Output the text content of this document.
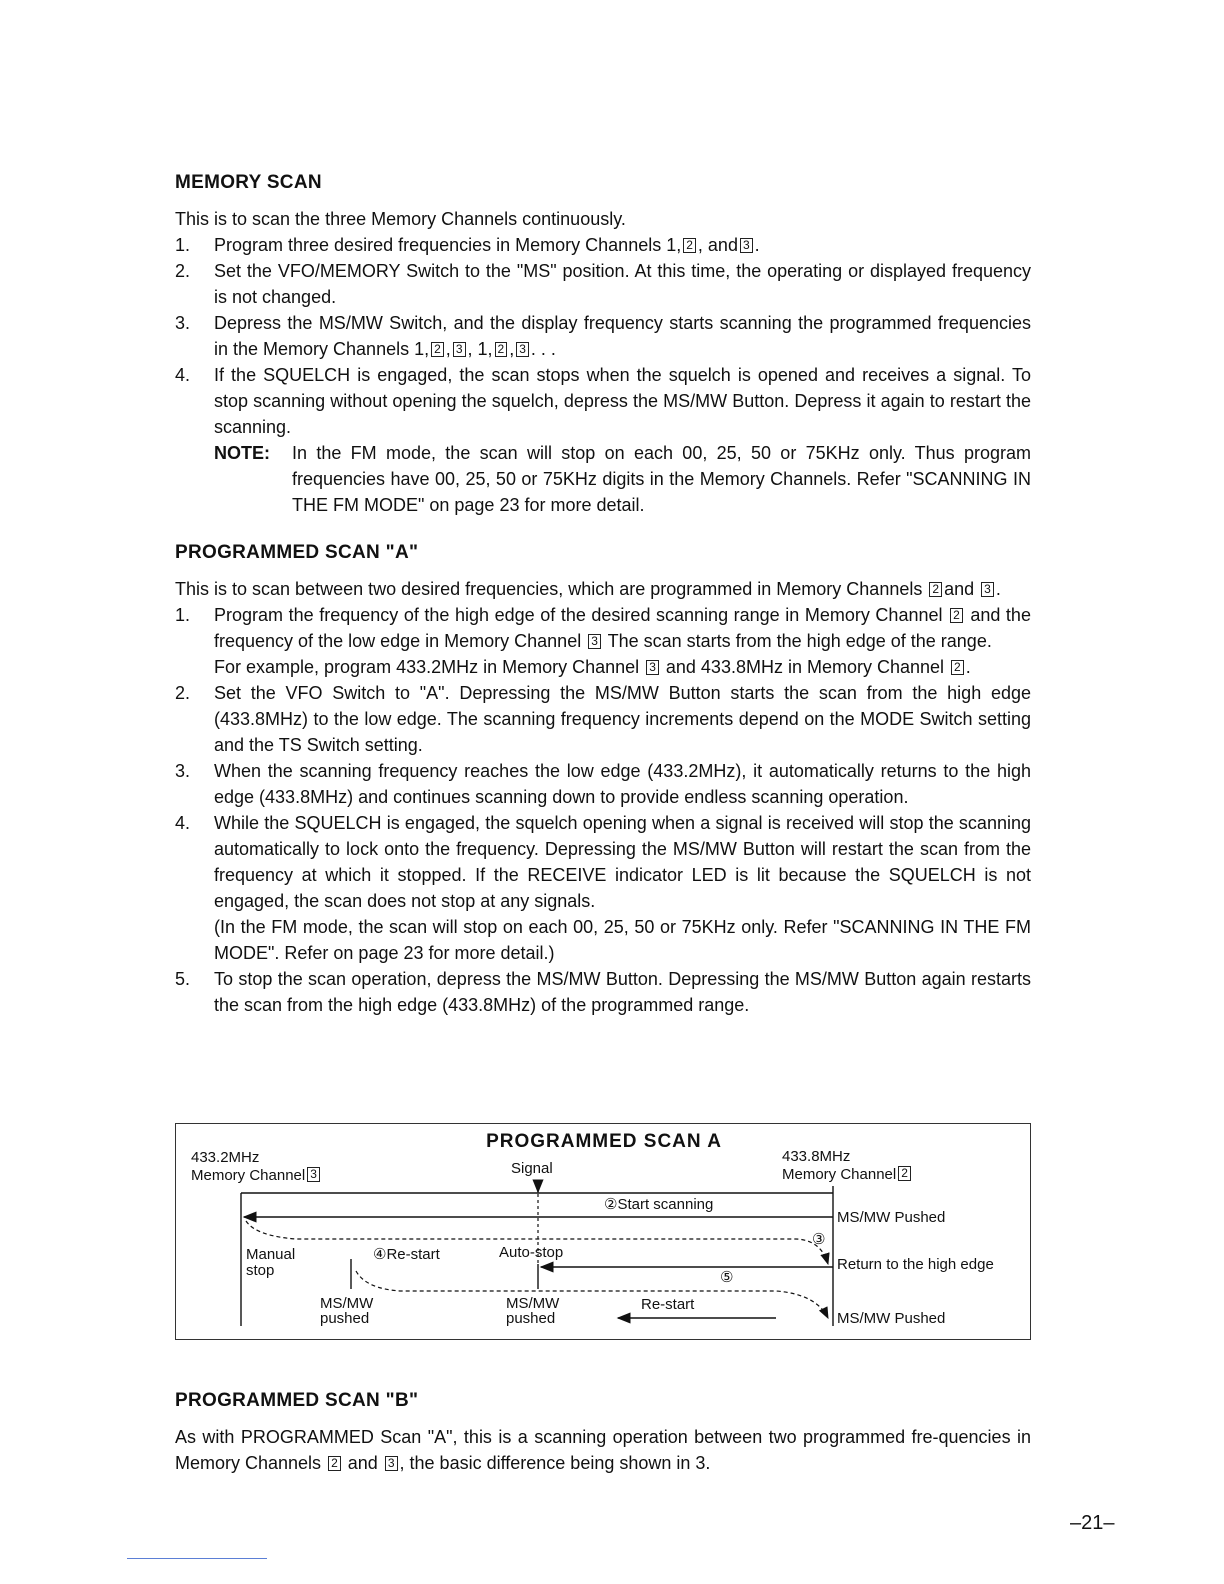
MEMORY SCAN

This is to scan the three Memory Channels continuously.

1. Program three desired frequencies in Memory Channels 1, 2 , and 3 .
2. Set the VFO/MEMORY Switch to the "MS" position. At this time, the operating or displayed frequency is not changed.
3. Depress the MS/MW Switch, and the display frequency starts scanning the programmed frequencies in the Memory Channels 1, 2 , 3 , 1, 2 , 3 . . .
4. If the SQUELCH is engaged, the scan stops when the squelch is opened and receives a signal. To stop scanning without opening the squelch, depress the MS/MW Button. Depress it again to restart the scanning.
NOTE: In the FM mode, the scan will stop on each 00, 25, 50 or 75KHz only. Thus program frequencies have 00, 25, 50 or 75KHz digits in the Memory Channels. Refer "SCANNING IN THE FM MODE" on page 23 for more detail.
PROGRAMMED SCAN "A"

This is to scan between two desired frequencies, which are programmed in Memory Channels 2 and 3 .

1. Program the frequency of the high edge of the desired scanning range in Memory Channel 2 and the frequency of the low edge in Memory Channel 3 The scan starts from the high edge of the range.
For example, program 433.2MHz in Memory Channel 3 and 433.8MHz in Memory Channel 2 .
2. Set the VFO Switch to "A". Depressing the MS/MW Button starts the scan from the high edge (433.8MHz) to the low edge. The scanning frequency increments depend on the MODE Switch setting and the TS Switch setting.
3. When the scanning frequency reaches the low edge (433.2MHz), it automatically returns to the high edge (433.8MHz) and continues scanning down to provide endless scanning operation.
4. While the SQUELCH is engaged, the squelch opening when a signal is received will stop the scanning automatically to lock onto the frequency. Depressing the MS/MW Button will restart the scan from the frequency at which it stopped. If the RECEIVE indicator LED is lit because the SQUELCH is not engaged, the scan does not stop at any signals.
(In the FM mode, the scan will stop on each 00, 25, 50 or 75KHz only. Refer "SCANNING IN THE FM MODE". Refer on page 23 for more detail.)
5. To stop the scan operation, depress the MS/MW Button. Depressing the MS/MW Button again restarts the scan from the high edge (433.8MHz) of the programmed range.
PROGRAMMED SCAN A
433.2MHz
Memory Channel 3
433.8MHz
Memory Channel 2
Signal
②Start scanning
MS/MW Pushed
③
Return to the high edge
Manual
stop
④Re-start	Auto-stop
⑤
MS/MW
pushed
MS/MW
pushed
Re-start
MS/MW Pushed
PROGRAMMED SCAN "B"

As with PROGRAMMED Scan "A", this is a scanning operation between two programmed fre-quencies in Memory Channels 2 and 3 , the basic difference being shown in 3.

–21–
